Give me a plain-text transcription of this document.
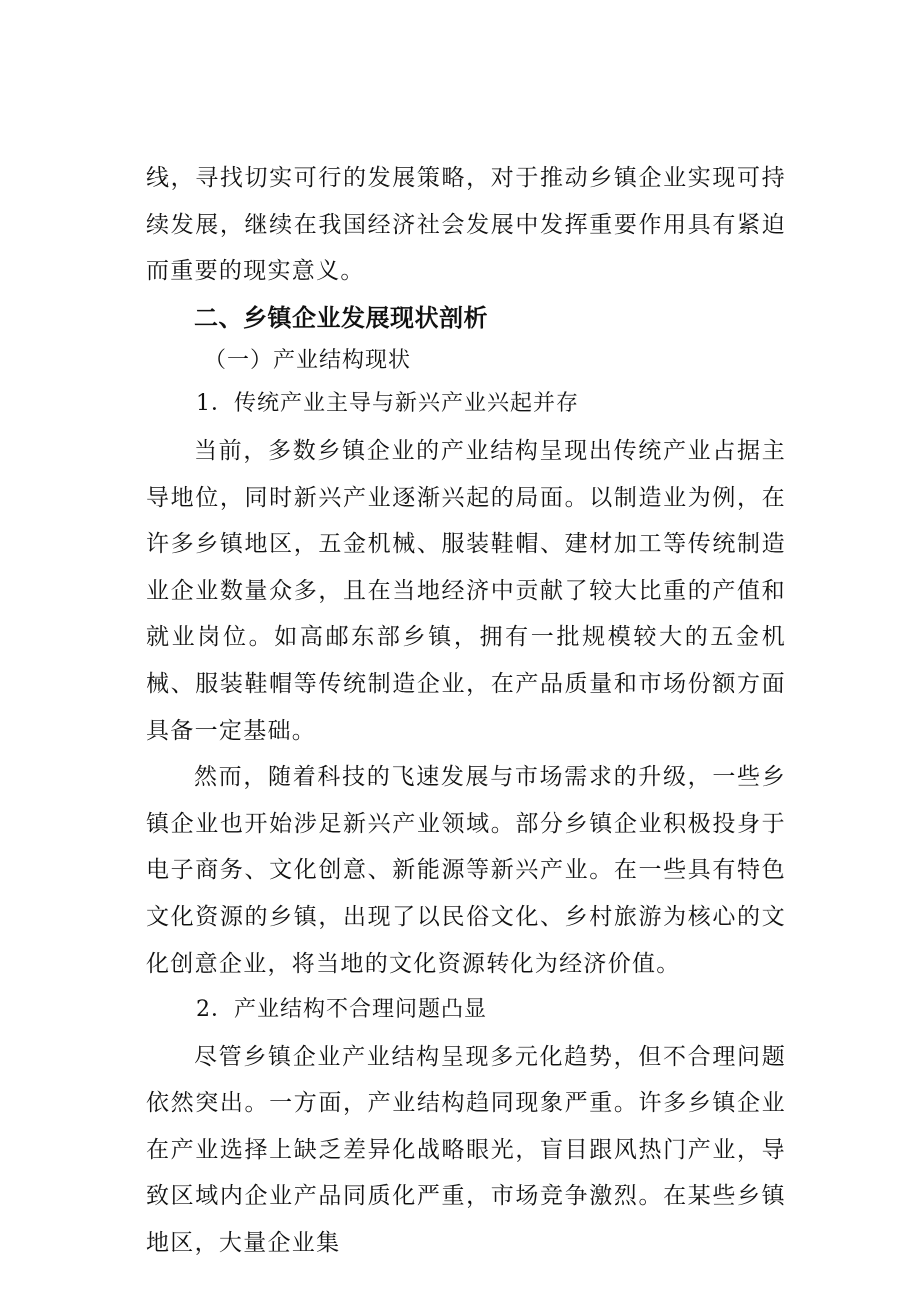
线，寻找切实可行的发展策略，对于推动乡镇企业实现可持续发展，继续在我国经济社会发展中发挥重要作用具有紧迫而重要的现实意义。

二、乡镇企业发展现状剖析
（一）产业结构现状
1．传统产业主导与新兴产业兴起并存

当前，多数乡镇企业的产业结构呈现出传统产业占据主导地位，同时新兴产业逐渐兴起的局面。以制造业为例，在许多乡镇地区，五金机械、服装鞋帽、建材加工等传统制造业企业数量众多，且在当地经济中贡献了较大比重的产值和就业岗位。如高邮东部乡镇，拥有一批规模较大的五金机械、服装鞋帽等传统制造企业，在产品质量和市场份额方面具备一定基础。

然而，随着科技的飞速发展与市场需求的升级，一些乡镇企业也开始涉足新兴产业领域。部分乡镇企业积极投身于电子商务、文化创意、新能源等新兴产业。在一些具有特色文化资源的乡镇，出现了以民俗文化、乡村旅游为核心的文化创意企业，将当地的文化资源转化为经济价值。

2．产业结构不合理问题凸显

尽管乡镇企业产业结构呈现多元化趋势，但不合理问题依然突出。一方面，产业结构趋同现象严重。许多乡镇企业在产业选择上缺乏差异化战略眼光，盲目跟风热门产业，导致区域内企业产品同质化严重，市场竞争激烈。在某些乡镇地区，大量企业集
